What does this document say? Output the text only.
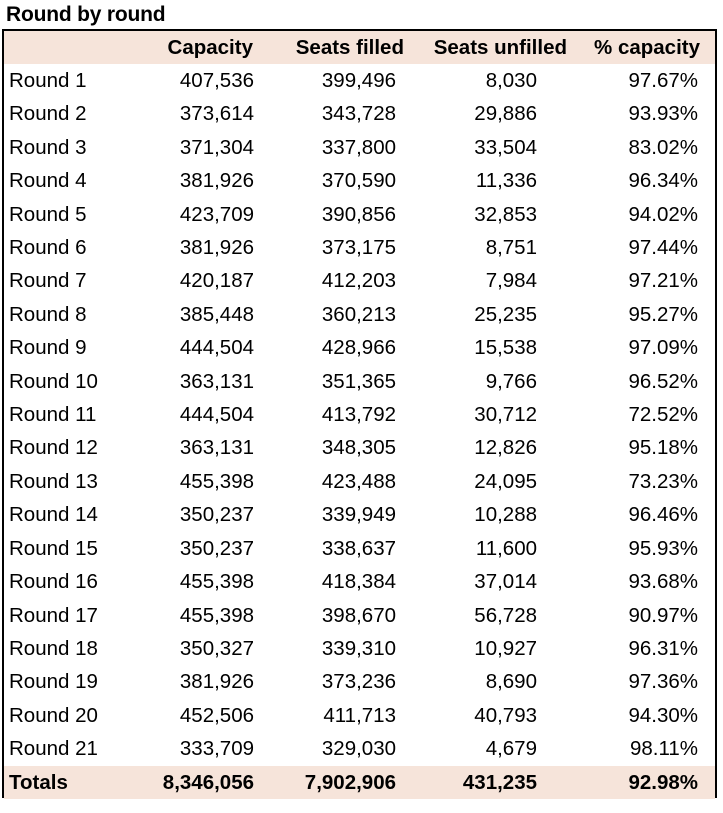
Round by round
	Capacity	Seats filled	Seats unfilled	% capacity
Round 1	407,536	399,496	8,030	97.67%
Round 2	373,614	343,728	29,886	93.93%
Round 3	371,304	337,800	33,504	83.02%
Round 4	381,926	370,590	11,336	96.34%
Round 5	423,709	390,856	32,853	94.02%
Round 6	381,926	373,175	8,751	97.44%
Round 7	420,187	412,203	7,984	97.21%
Round 8	385,448	360,213	25,235	95.27%
Round 9	444,504	428,966	15,538	97.09%
Round 10	363,131	351,365	9,766	96.52%
Round 11	444,504	413,792	30,712	72.52%
Round 12	363,131	348,305	12,826	95.18%
Round 13	455,398	423,488	24,095	73.23%
Round 14	350,237	339,949	10,288	96.46%
Round 15	350,237	338,637	11,600	95.93%
Round 16	455,398	418,384	37,014	93.68%
Round 17	455,398	398,670	56,728	90.97%
Round 18	350,327	339,310	10,927	96.31%
Round 19	381,926	373,236	8,690	97.36%
Round 20	452,506	411,713	40,793	94.30%
Round 21	333,709	329,030	4,679	98.11%
Totals	8,346,056	7,902,906	431,235	92.98%
